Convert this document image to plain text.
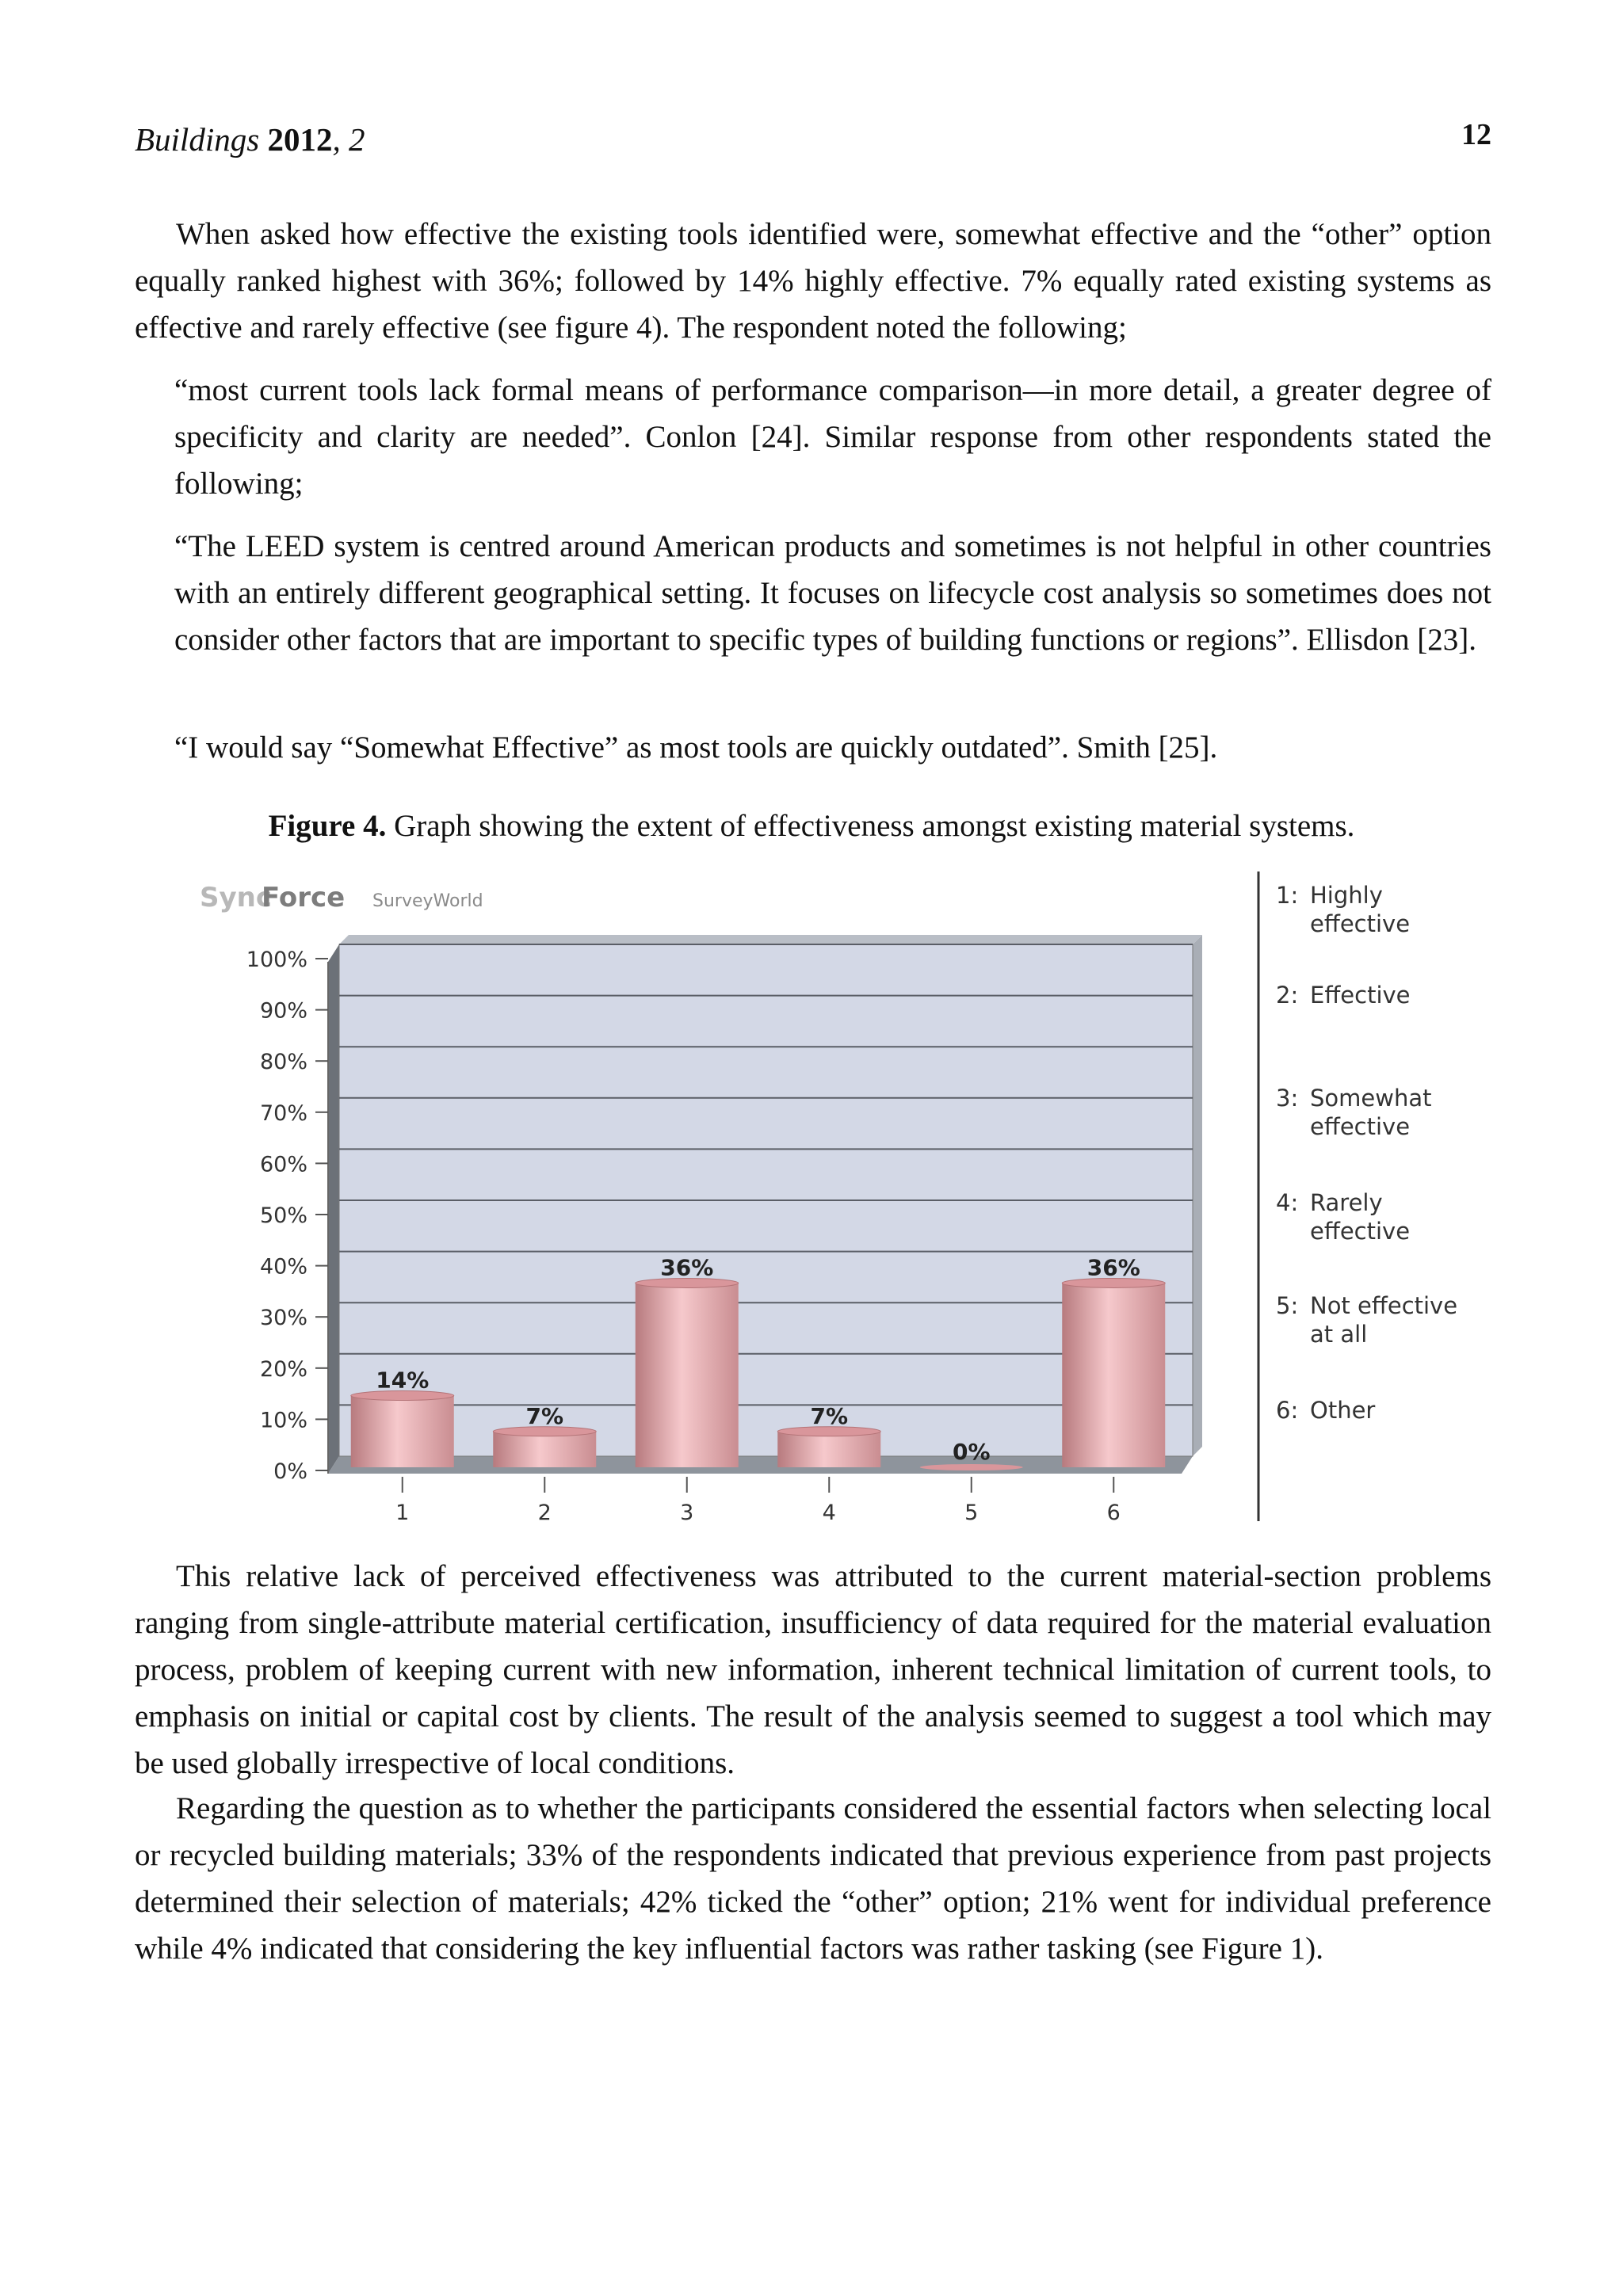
Buildings 2012, 2	12

When asked how effective the existing tools identified were, somewhat effective and the “other” option equally ranked highest with 36%; followed by 14% highly effective. 7% equally rated existing systems as effective and rarely effective (see figure 4). The respondent noted the following;

“most current tools lack formal means of performance comparison—in more detail, a greater degree of specificity and clarity are needed”. Conlon [24]. Similar response from other respondents stated the following;

“The LEED system is centred around American products and sometimes is not helpful in other countries with an entirely different geographical setting. It focuses on lifecycle cost analysis so sometimes does not consider other factors that are important to specific types of building functions or regions”. Ellisdon [23].

“I would say “Somewhat Effective” as most tools are quickly outdated”. Smith [25].

Figure 4. Graph showing the extent of effectiveness amongst existing material systems.
Sync
Force SurveyWorld
0%
10%
20%
30%
40%
50%
60%
70%
80%
90%
100%
14%
7%
36%
7%
0%
36%
1	2	3	4	5	6
1: Highly
effective
2: Effective
3: Somewhat
effective
4: Rarely
effective
5: Not effective
at all
6: Other

This relative lack of perceived effectiveness was attributed to the current material-section problems ranging from single-attribute material certification, insufficiency of data required for the material evaluation process, problem of keeping current with new information, inherent technical limitation of current tools, to emphasis on initial or capital cost by clients. The result of the analysis seemed to suggest a tool which may be used globally irrespective of local conditions.

Regarding the question as to whether the participants considered the essential factors when selecting local or recycled building materials; 33% of the respondents indicated that previous experience from past projects determined their selection of materials; 42% ticked the “other” option; 21% went for individual preference while 4% indicated that considering the key influential factors was rather tasking (see Figure 1).
